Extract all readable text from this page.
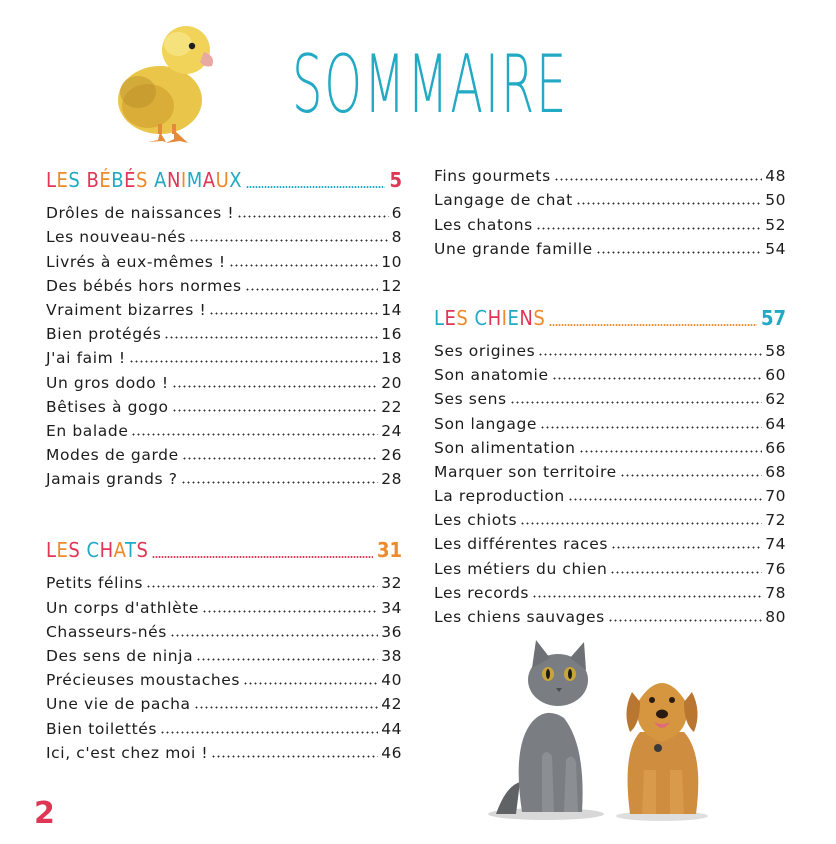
SOMMAIRE
LES BÉBÉS ANIMAUX	5
Drôles de naissances !	6
Les nouveau-nés	8
Livrés à eux-mêmes !	10
Des bébés hors normes	12
Vraiment bizarres !	14
Bien protégés	16
J'ai faim !	18
Un gros dodo !	20
Bêtises à gogo	22
En balade	24
Modes de garde	26
Jamais grands ?	28
LES CHATS	31
Petits félins	32
Un corps d'athlète	34
Chasseurs-nés	36
Des sens de ninja	38
Précieuses moustaches	40
Une vie de pacha	42
Bien toilettés	44
Ici, c'est chez moi !	46
Fins gourmets	48
Langage de chat	50
Les chatons	52
Une grande famille	54
LES CHIENS	57
Ses origines	58
Son anatomie	60
Ses sens	62
Son langage	64
Son alimentation	66
Marquer son territoire	68
La reproduction	70
Les chiots	72
Les différentes races	74
Les métiers du chien	76
Les records	78
Les chiens sauvages	80
2
